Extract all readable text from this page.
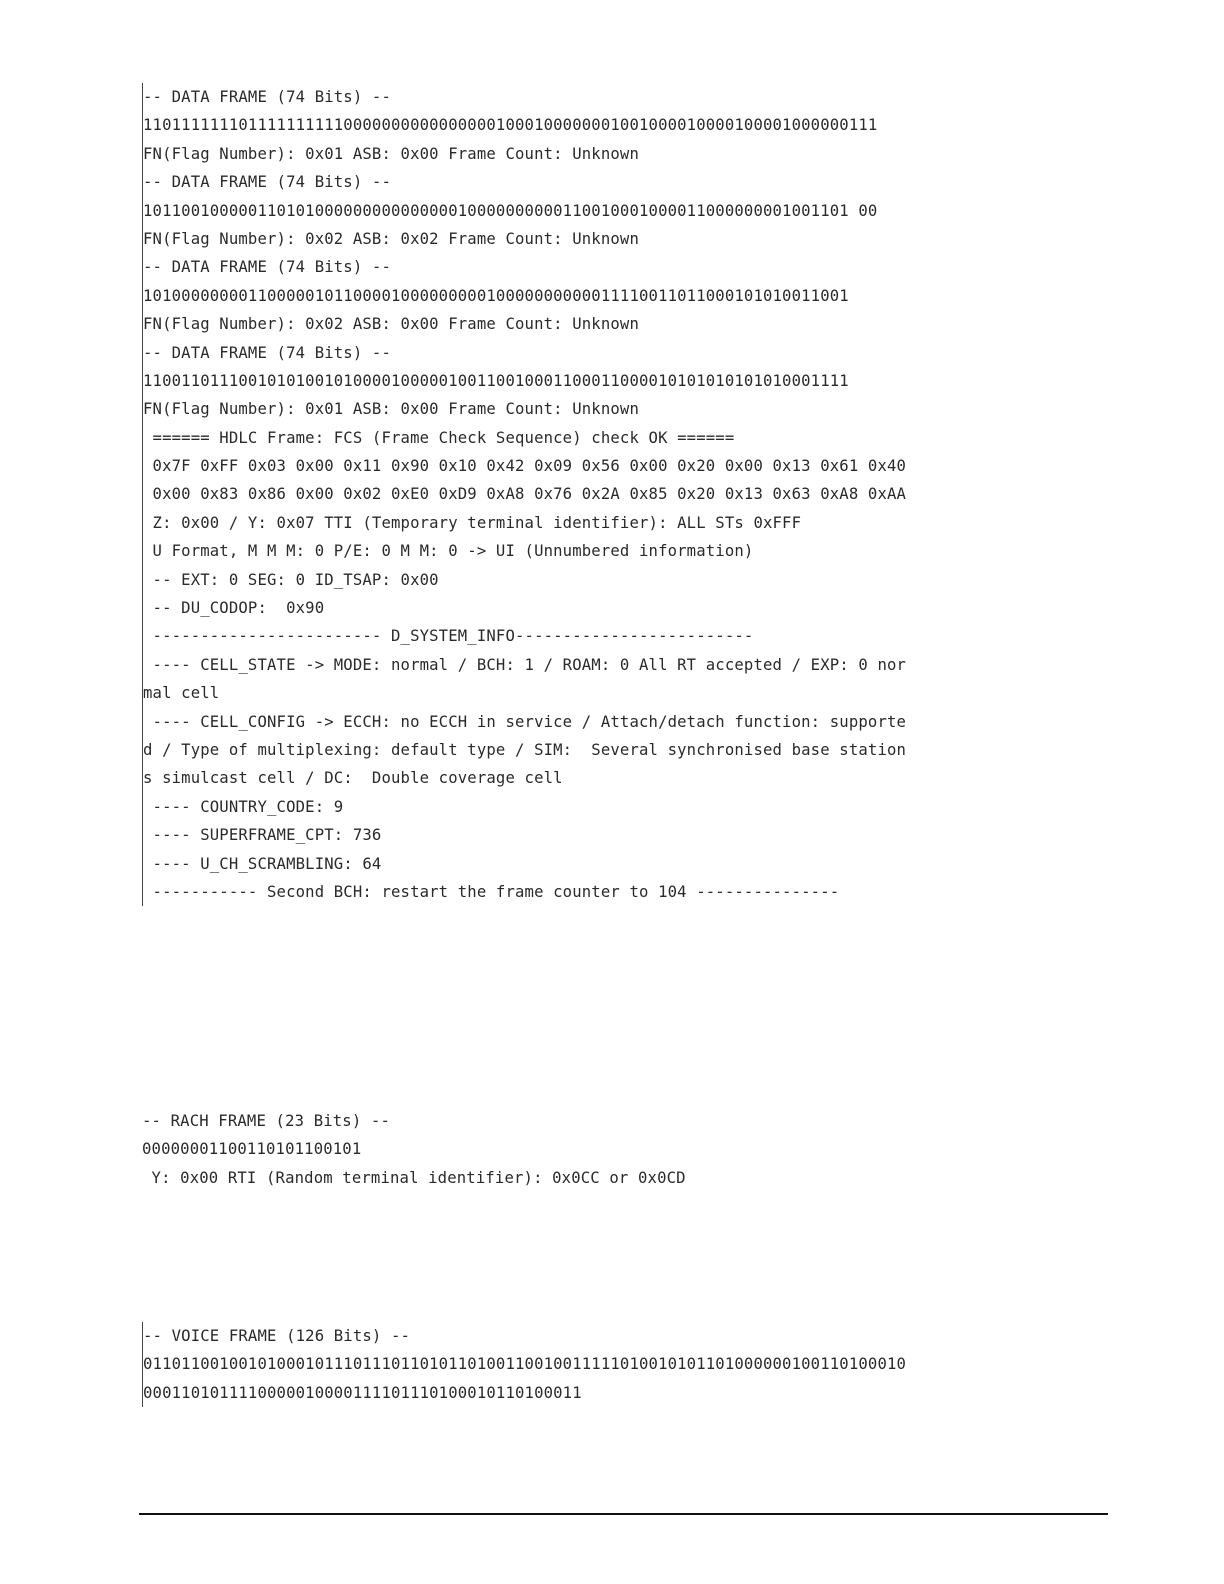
-- DATA FRAME (74 Bits) --
11011111110111111111100000000000000001000100000001001000010000100001000000111
FN(Flag Number): 0x01 ASB: 0x00 Frame Count: Unknown
-- DATA FRAME (74 Bits) --
10110010000011010100000000000000010000000000110010001000011000000001001101 00
FN(Flag Number): 0x02 ASB: 0x02 Frame Count: Unknown
-- DATA FRAME (74 Bits) --
10100000000110000010110000100000000010000000000011110011011000101010011001
FN(Flag Number): 0x02 ASB: 0x00 Frame Count: Unknown
-- DATA FRAME (74 Bits) --
11001101110010101001010000100000100110010001100011000010101010101010001111
FN(Flag Number): 0x01 ASB: 0x00 Frame Count: Unknown
====== HDLC Frame: FCS (Frame Check Sequence) check OK ======
0x7F 0xFF 0x03 0x00 0x11 0x90 0x10 0x42 0x09 0x56 0x00 0x20 0x00 0x13 0x61 0x40
0x00 0x83 0x86 0x00 0x02 0xE0 0xD9 0xA8 0x76 0x2A 0x85 0x20 0x13 0x63 0xA8 0xAA
Z: 0x00 / Y: 0x07 TTI (Temporary terminal identifier): ALL STs 0xFFF
U Format, M M M: 0 P/E: 0 M M: 0 -> UI (Unnumbered information)
-- EXT: 0 SEG: 0 ID_TSAP: 0x00
-- DU_CODOP:  0x90
------------------------ D_SYSTEM_INFO-------------------------
---- CELL_STATE -> MODE: normal / BCH: 1 / ROAM: 0 All RT accepted / EXP: 0 nor
mal cell
---- CELL_CONFIG -> ECCH: no ECCH in service / Attach/detach function: supporte
d / Type of multiplexing: default type / SIM:  Several synchronised base station
s simulcast cell / DC:  Double coverage cell
---- COUNTRY_CODE: 9
---- SUPERFRAME_CPT: 736
---- U_CH_SCRAMBLING: 64
----------- Second BCH: restart the frame counter to 104 ---------------
-- RACH FRAME (23 Bits) --
00000001100110101100101
Y: 0x00 RTI (Random terminal identifier): 0x0CC or 0x0CD
-- VOICE FRAME (126 Bits) --
01101100100101000101110111011010110100110010011111010010101101000000100110100010
0001101011110000010000111101110100010110100011
